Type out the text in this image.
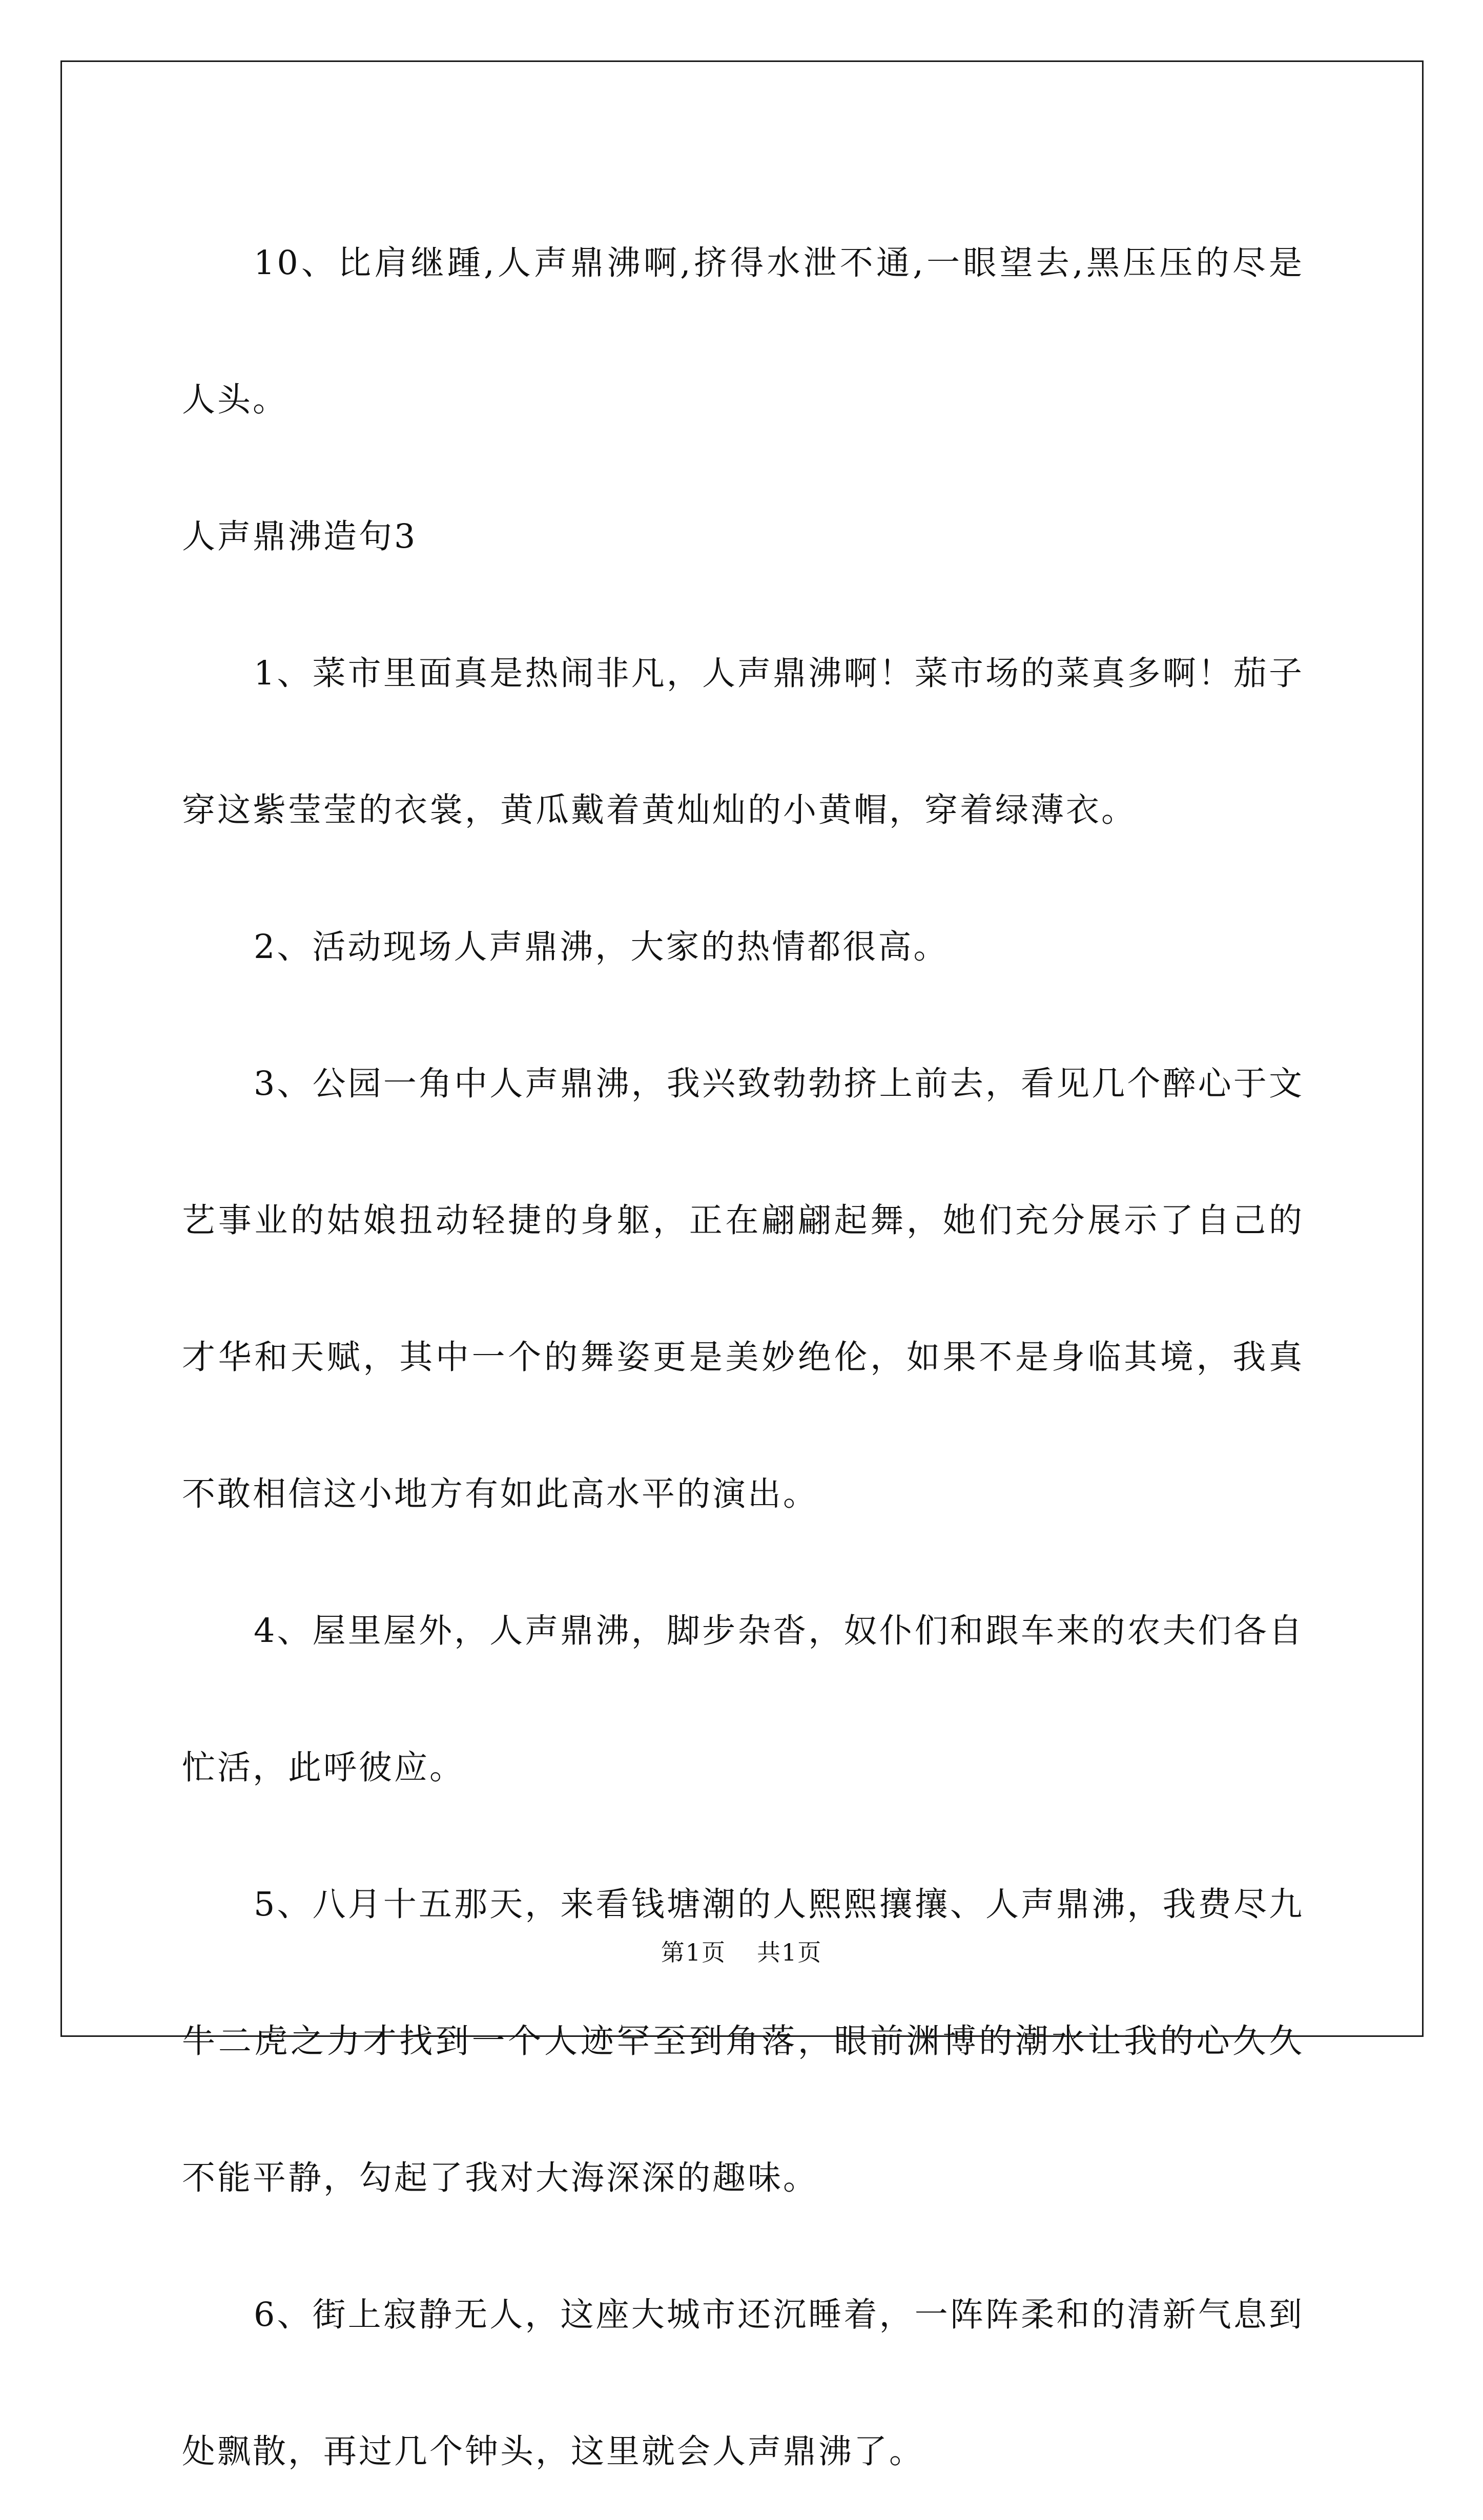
10、比肩继踵,人声鼎沸啊,挤得水泄不通,一眼望去,黑压压的尽是人头。

人声鼎沸造句3

1、菜市里面真是热闹非凡，人声鼎沸啊！菜市场的菜真多啊！茄子穿这紫莹莹的衣裳，黄瓜戴着黄灿灿的小黄帽，穿着绿薄衣。

2、活动现场人声鼎沸，大家的热情都很高。

3、公园一角中人声鼎沸，我兴致勃勃挤上前去，看见几个醉心于文艺事业的姑娘扭动轻捷的身躯，正在翩翩起舞，她们充分展示了自己的才华和天赋，其中一个的舞姿更是美妙绝伦，如果不是身临其境，我真不敢相信这小地方有如此高水平的演出。

4、屋里屋外，人声鼎沸，脚步杂沓，奴仆们和跟车来的农夫们各自忙活，此呼彼应。

5、八月十五那天，来看钱塘潮的人熙熙攘攘、人声鼎沸，我费尽九牛二虎之力才找到一个人迹罕至到角落，眼前渊博的潮水让我的心久久不能平静，勾起了我对大海深深的趣味。

6、街上寂静无人，这座大城市还沉睡着，一阵阵柔和的清新气息到处飘散，再过几个钟头，这里就会人声鼎沸了。

第1页 共1页
